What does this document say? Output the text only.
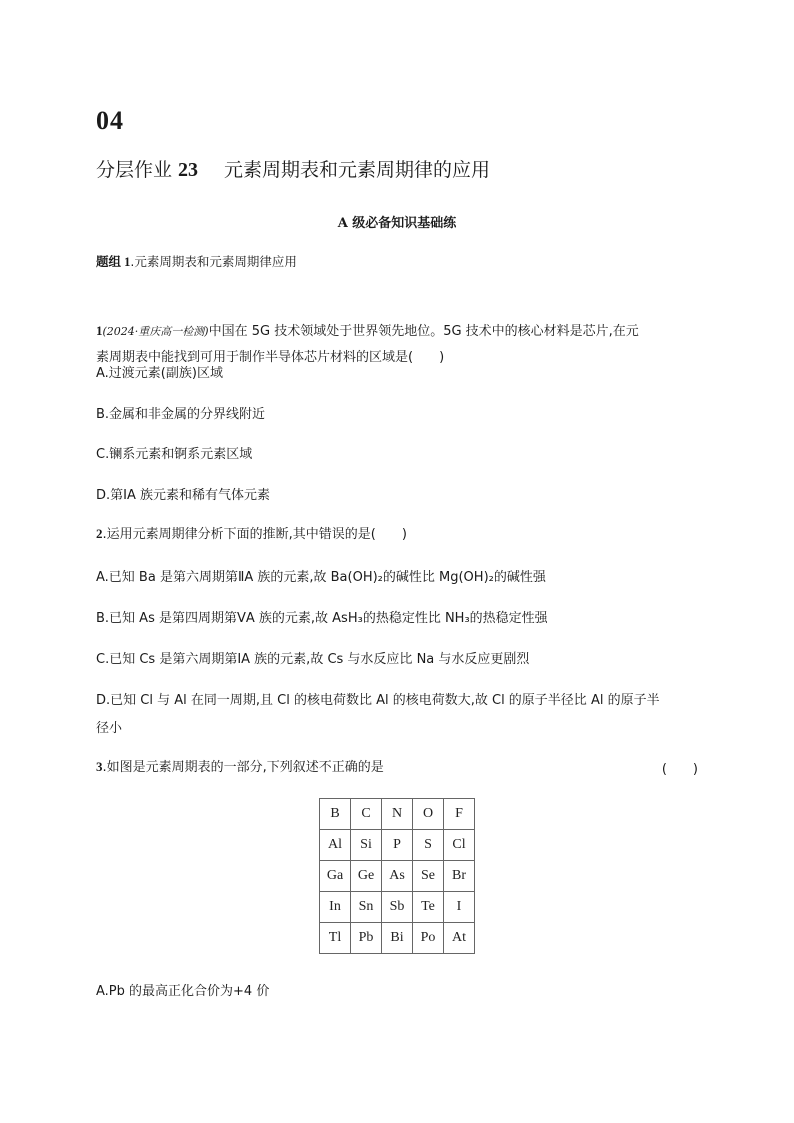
04
分层作业 23 元素周期表和元素周期律的应用
A 级必备知识基础练
题组 1.元素周期表和元素周期律应用
1(2024·重庆高一检测)中国在 5G 技术领域处于世界领先地位。5G 技术中的核心材料是芯片,在元
素周期表中能找到可用于制作半导体芯片材料的区域是(　　)
A.过渡元素(副族)区域
B.金属和非金属的分界线附近
C.镧系元素和锕系元素区域
D.第ⅠA 族元素和稀有气体元素
2.运用元素周期律分析下面的推断,其中错误的是(　　)
A.已知 Ba 是第六周期第ⅡA 族的元素,故 Ba(OH)₂的碱性比 Mg(OH)₂的碱性强
B.已知 As 是第四周期第ⅤA 族的元素,故 AsH₃的热稳定性比 NH₃的热稳定性强
C.已知 Cs 是第六周期第ⅠA 族的元素,故 Cs 与水反应比 Na 与水反应更剧烈
D.已知 Cl 与 Al 在同一周期,且 Cl 的核电荷数比 Al 的核电荷数大,故 Cl 的原子半径比 Al 的原子半
径小
3.如图是元素周期表的一部分,下列叙述不正确的是	(　　)
B	C	N	O	F
Al	Si	P	S	Cl
Ga	Ge	As	Se	Br
In	Sn	Sb	Te	I
Tl	Pb	Bi	Po	At
A.Pb 的最高正化合价为+4 价
